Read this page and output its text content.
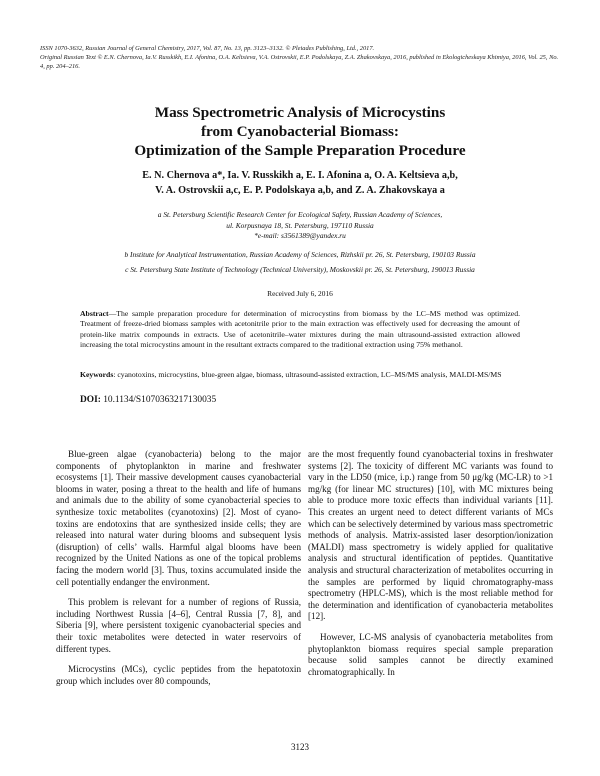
ISSN 1070-3632, Russian Journal of General Chemistry, 2017, Vol. 87, No. 13, pp. 3123–3132. © Pleiades Publishing, Ltd., 2017.

Original Russian Text © E.N. Chernova, Ia.V. Russkikh, E.I. Afonina, O.A. Keltsieva, V.A. Ostrovskii, E.P. Podolskaya, Z.A. Zhakovskaya, 2016, published in Ekologicheskaya Khimiya, 2016, Vol. 25, No. 4, pp. 204–216.

Mass Spectrometric Analysis of Microcystins
from Cyanobacterial Biomass:
Optimization of the Sample Preparation Procedure
E. N. Chernova a*, Ia. V. Russkikh a, E. I. Afonina a, O. A. Keltsieva a,b,
V. A. Ostrovskii a,c, E. P. Podolskaya a,b, and Z. A. Zhakovskaya a
a St. Petersburg Scientific Research Center for Ecological Safety, Russian Academy of Sciences,
ul. Korpusnaya 18, St. Petersburg, 197110 Russia
*e-mail: s3561389@yandex.ru
b Institute for Analytical Instrumentation, Russian Academy of Sciences, Rizhskii pr. 26, St. Petersburg, 190103 Russia
c St. Petersburg State Institute of Technology (Technical University), Moskovskii pr. 26, St. Petersburg, 190013 Russia
Received July 6, 2016
Abstract—The sample preparation procedure for determination of microcystins from biomass by the LC–MS method was optimized. Treatment of freeze-dried biomass samples with acetonitrile prior to the main extraction was effectively used for decreasing the amount of protein-like matrix compounds in extracts. Use of acetonitrile–water mixtures during the main ultrasound-assisted extraction allowed increasing the total microcystins amount in the resultant extracts compared to the traditional extraction using 75% methanol.
Keywords: cyanotoxins, microcystins, blue-green algae, biomass, ultrasound-assisted extraction, LC–MS/MS analysis, MALDI-MS/MS
DOI: 10.1134/S1070363217130035

Blue-green algae (cyanobacteria) belong to the major components of phytoplankton in marine and freshwater ecosystems [1]. Their massive development causes cyanobacterial blooms in water, posing a threat to the health and life of humans and animals due to the ability of some cyanobacterial species to synthesize toxic metabolites (cyanotoxins) [2]. Most of cyano-toxins are endotoxins that are synthesized inside cells; they are released into natural water during blooms and subsequent lysis (disruption) of cells’ walls. Harmful algal blooms have been recognized by the United Nations as one of the topical problems facing the modern world [3]. Thus, toxins accumulated inside the cell potentially endanger the environment.

This problem is relevant for a number of regions of Russia, including Northwest Russia [4–6], Central Russia [7, 8], and Siberia [9], where persistent toxigenic cyanobacterial species and their toxic metabolites were detected in water reservoirs of different types.

Microcystins (MCs), cyclic peptides from the hepatotoxin group which includes over 80 compounds,

are the most frequently found cyanobacterial toxins in freshwater systems [2]. The toxicity of different MC variants was found to vary in the LD50 (mice, i.p.) range from 50 μg/kg (MC-LR) to >1 mg/kg (for linear MC structures) [10], with MC mixtures being able to produce more toxic effects than individual variants [11]. This creates an urgent need to detect different variants of MCs which can be selectively determined by various mass spectrometric methods of analysis. Matrix-assisted laser desorption/ionization (MALDI) mass spectrometry is widely applied for qualitative analysis and structural identification of peptides. Quantitative analysis and structural characterization of metabolites occurring in the samples are performed by liquid chromatography-mass spectrometry (HPLC-MS), which is the most reliable method for the determination and identification of cyanobacteria metabolites [12].

However, LC-MS analysis of cyanobacteria metabolites from phytoplankton biomass requires special sample preparation because solid samples cannot be directly examined chromatographically. In

3123
